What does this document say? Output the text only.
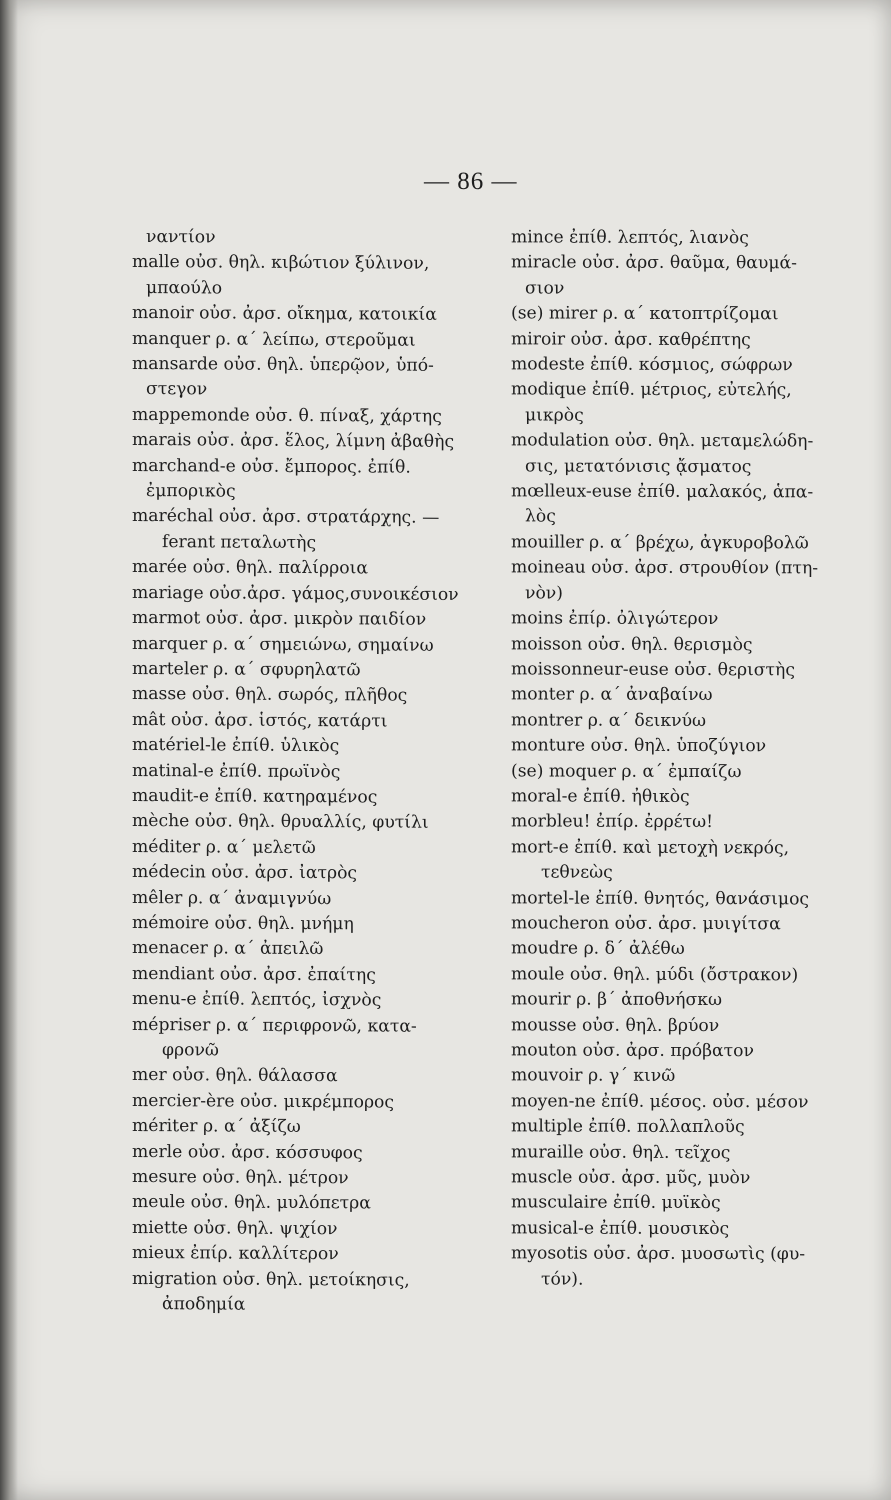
— 86 —
ναντίον
malle οὐσ. θηλ. κιβώτιον ξύλινον,
μπαούλο
manoir οὐσ. ἀρσ. οἴκημα, κατοικία
manquer ρ. α΄ λείπω, στεροῦμαι
mansarde οὐσ. θηλ. ὑπερῷον, ὑπό-
στεγον
mappemonde οὐσ. θ. πίναξ, χάρτης
marais οὐσ. ἀρσ. ἕλος, λίμνη ἀβαθὴς
marchand-e οὐσ. ἔμπορος. ἐπίθ.
ἐμπορικὸς
maréchal οὐσ. ἀρσ. στρατάρχης. —
ferant πεταλωτὴς
marée οὐσ. θηλ. παλίρροια
mariage οὐσ.ἀρσ. γάμος,συνοικέσιον
marmot οὐσ. ἀρσ. μικρὸν παιδίον
marquer ρ. α΄ σημειώνω, σημαίνω
marteler ρ. α΄ σφυρηλατῶ
masse οὐσ. θηλ. σωρός, πλῆθος
mât οὐσ. ἀρσ. ἱστός, κατάρτι
matériel-le ἐπίθ. ὑλικὸς
matinal-e ἐπίθ. πρωϊνὸς
maudit-e ἐπίθ. κατηραμένος
mèche οὐσ. θηλ. θρυαλλίς, φυτίλι
méditer ρ. α΄ μελετῶ
médecin οὐσ. ἀρσ. ἰατρὸς
mêler ρ. α΄ ἀναμιγνύω
mémoire οὐσ. θηλ. μνήμη
menacer ρ. α΄ ἀπειλῶ
mendiant οὐσ. ἀρσ. ἐπαίτης
menu-e ἐπίθ. λεπτός, ἰσχνὸς
mépriser ρ. α΄ περιφρονῶ, κατα-
φρονῶ
mer οὐσ. θηλ. θάλασσα
mercier-ère οὐσ. μικρέμπορος
mériter ρ. α΄ ἀξίζω
merle οὐσ. ἀρσ. κόσσυφος
mesure οὐσ. θηλ. μέτρον
meule οὐσ. θηλ. μυλόπετρα
miette οὐσ. θηλ. ψιχίον
mieux ἐπίρ. καλλίτερον
migration οὐσ. θηλ. μετοίκησις,
ἀποδημία
mince ἐπίθ. λεπτός, λιανὸς
miracle οὐσ. ἀρσ. θαῦμα, θαυμά-
σιον
(se) mirer ρ. α΄ κατοπτρίζομαι
miroir οὐσ. ἀρσ. καθρέπτης
modeste ἐπίθ. κόσμιος, σώφρων
modique ἐπίθ. μέτριος, εὐτελής,
μικρὸς
modulation οὐσ. θηλ. μεταμελώδη-
σις, μετατόνισις ᾄσματος
mœlleux-euse ἐπίθ. μαλακός, ἁπα-
λὸς
mouiller ρ. α΄ βρέχω, ἀγκυροβολῶ
moineau οὐσ. ἀρσ. στρουθίον (πτη-
νὸν)
moins ἐπίρ. ὀλιγώτερον
moisson οὐσ. θηλ. θερισμὸς
moissonneur-euse οὐσ. θεριστὴς
monter ρ. α΄ ἀναβαίνω
montrer ρ. α΄ δεικνύω
monture οὐσ. θηλ. ὑποζύγιον
(se) moquer ρ. α΄ ἐμπαίζω
moral-e ἐπίθ. ἠθικὸς
morbleu! ἐπίρ. ἐρρέτω!
mort-e ἐπίθ. καὶ μετοχὴ νεκρός,
τεθνεὼς
mortel-le ἐπίθ. θνητός, θανάσιμος
moucheron οὐσ. ἀρσ. μυιγίτσα
moudre ρ. δ΄ ἀλέθω
moule οὐσ. θηλ. μύδι (ὄστρακον)
mourir ρ. β΄ ἀποθνήσκω
mousse οὐσ. θηλ. βρύον
mouton οὐσ. ἀρσ. πρόβατον
mouvoir ρ. γ΄ κινῶ
moyen-ne ἐπίθ. μέσος. οὐσ. μέσον
multiple ἐπίθ. πολλαπλοῦς
muraille οὐσ. θηλ. τεῖχος
muscle οὐσ. ἀρσ. μῦς, μυὸν
musculaire ἐπίθ. μυϊκὸς
musical-e ἐπίθ. μουσικὸς
myosotis οὐσ. ἀρσ. μυοσωτὶς (φυ-
τόν).
